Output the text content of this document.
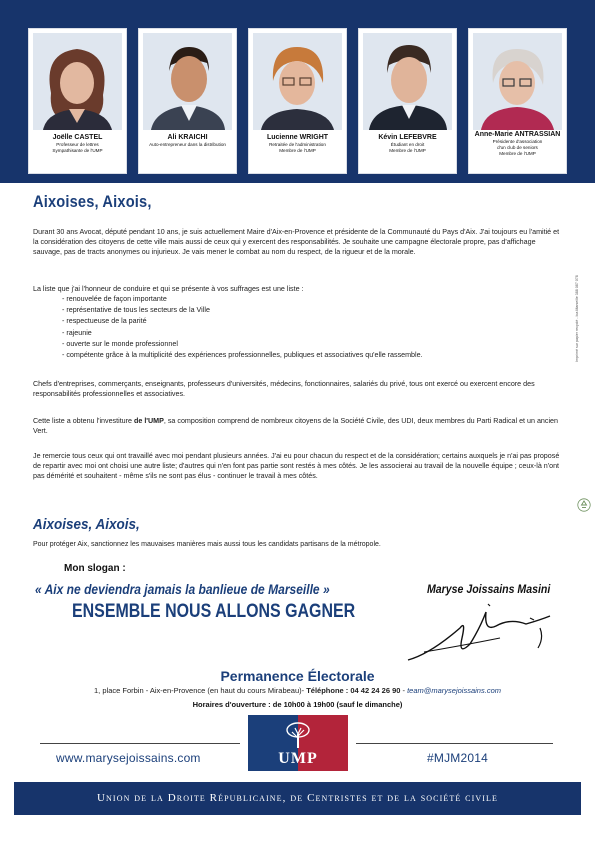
Joëlle CASTEL
Professeur de lettres
Sympathisante de l'UMP
Ali KRAICHI
Auto-entrepreneur dans la distribution
Lucienne WRIGHT
Retraitée de l'administration
Membre de l'UMP
Kévin LEFEBVRE
Étudiant en droit
Membre de l'UMP
Anne-Marie ANTRASSIAN
Présidente d'association
d'un club de seniors
Membre de l'UMP
Aixoises, Aixois,

Durant 30 ans Avocat, député pendant 10 ans, je suis actuellement Maire d'Aix-en-Provence et présidente de la Communauté du Pays d'Aix. J'ai toujours eu l'amitié et la considération des citoyens de cette ville mais aussi de ceux qui y exercent des responsabilités. Je souhaite une campagne électorale propre, pas d'affichage sauvage, pas de tracts anonymes ou injurieux. Je vais mener le combat au nom du respect, de la rigueur et de la morale.

La liste que j'ai l'honneur de conduire et qui se présente à vos suffrages est une liste :

- renouvelée de façon importante
- représentative de tous les secteurs de la Ville
- respectueuse de la parité
- rajeunie
- ouverte sur le monde professionnel
- compétente grâce à la multiplicité des expériences professionnelles, publiques et associatives qu'elle rassemble.

Chefs d'entreprises, commerçants, enseignants, professeurs d'universités, médecins, fonctionnaires, salariés du privé, tous ont exercé ou exercent encore des responsabilités professionnelles et associatives.

Cette liste a obtenu l'investiture de l'UMP, sa composition comprend de nombreux citoyens de la Société Civile, des UDI, deux membres du Parti Radical et un ancien Vert.

Je remercie tous ceux qui ont travaillé avec moi pendant plusieurs années. J'ai eu pour chacun du respect et de la considération; certains auxquels je n'ai pas proposé de repartir avec moi ont choisi une autre liste; d'autres qui n'en font pas partie sont restés à mes côtés. Je les associerai au travail de la nouvelle équipe ; ceux-là n'ont pas démérité et souhaitent - même s'ils ne sont pas élus - continuer le travail à mes côtés.

Aixoises, Aixois,
Pour protéger Aix, sanctionnez les mauvaises manières mais aussi tous les candidats partisans de la métropole.
Mon slogan :
« Aix ne deviendra jamais la banlieue de Marseille »
ENSEMBLE NOUS ALLONS GAGNER
Maryse Joissains Masini
Permanence Électorale
1, place Forbin - Aix-en-Provence (en haut du cours Mirabeau)- Téléphone : 04 42 24 26 90 - team@marysejoissains.com
Horaires d'ouverture : de 10h00 à 19h00 (sauf le dimanche)
www.marysejoissains.com	#MJM2014
UMP
Union de la Droite Républicaine, de Centristes et de la société civile
Imprimé sur papier recyclé - Ica Marseille 388 087 078
